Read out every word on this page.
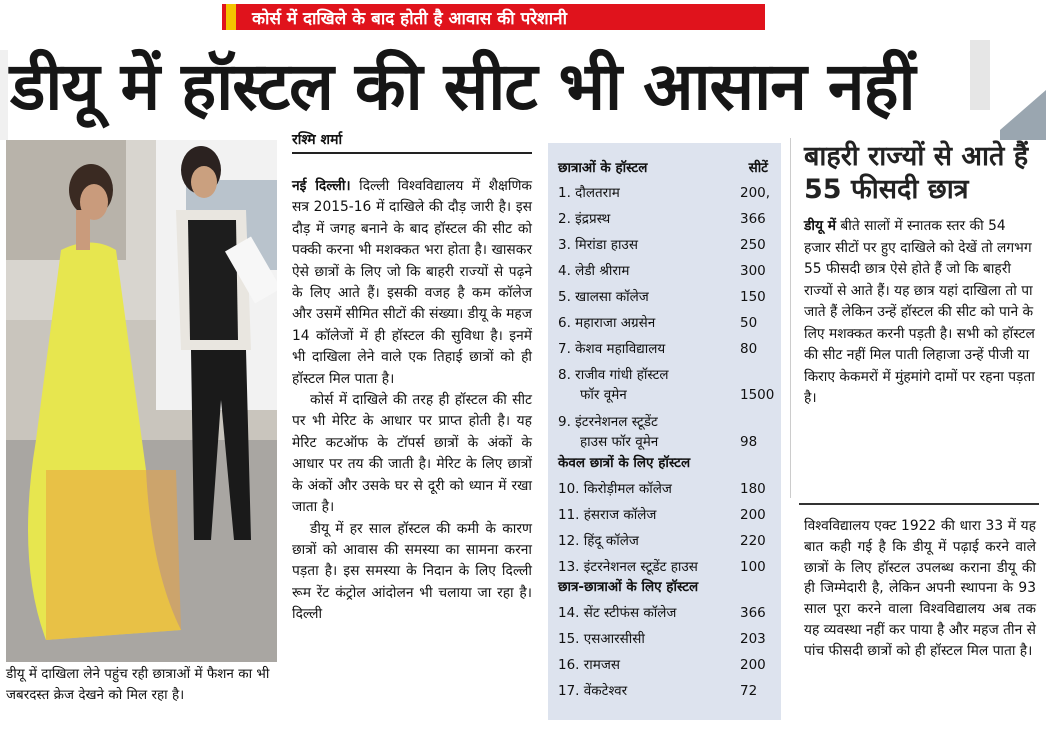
कोर्स में दाखिले के बाद होती है आवास की परेशानी
डीयू में हॉस्टल की सीट भी आसान नहीं
डीयू में दाखिला लेने पहुंच रही छात्राओं में फैशन का भी जबरदस्त क्रेज देखने को मिल रहा है।
रश्मि शर्मा

नई दिल्ली। दिल्ली विश्वविद्यालय में शैक्षणिक सत्र 2015-16 में दाखिले की दौड़ जारी है। इस दौड़ में जगह बनाने के बाद हॉस्टल की सीट को पक्की करना भी मशक्कत भरा होता है। खासकर ऐसे छात्रों के लिए जो कि बाहरी राज्यों से पढ़ने के लिए आते हैं। इसकी वजह है कम कॉलेज और उसमें सीमित सीटों की संख्या। डीयू के महज 14 कॉलेजों में ही हॉस्टल की सुविधा है। इनमें भी दाखिला लेने वाले एक तिहाई छात्रों को ही हॉस्टल मिल पाता है।

कोर्स में दाखिले की तरह ही हॉस्टल की सीट पर भी मेरिट के आधार पर प्राप्त होती है। यह मेरिट कटऑफ के टॉपर्स छात्रों के अंकों के आधार पर तय की जाती है। मेरिट के लिए छात्रों के अंकों और उसके घर से दूरी को ध्यान में रखा जाता है।

डीयू में हर साल हॉस्टल की कमी के कारण छात्रों को आवास की समस्या का सामना करना पड़ता है। इस समस्या के निदान के लिए दिल्ली रूम रेंट कंट्रोल आंदोलन भी चलाया जा रहा है। दिल्ली

छात्राओं के हॉस्टल	सीटें
1. दौलतराम	200,
2. इंद्रप्रस्थ	366
3. मिरांडा हाउस	250
4. लेडी श्रीराम	300
5. खालसा कॉलेज	150
6. महाराजा अग्रसेन	50
7. केशव महाविद्यालय	80
8. राजीव गांधी हॉस्टल
फॉर वूमेन	1500
9. इंटरनेशनल स्टूडेंट
हाउस फॉर वूमेन	98
केवल छात्रों के लिए हॉस्टल
10. किरोड़ीमल कॉलेज	180
11. हंसराज कॉलेज	200
12. हिंदू कॉलेज	220
13. इंटरनेशनल स्टूडेंट हाउस	100
छात्र-छात्राओं के लिए हॉस्टल
14. सेंट स्टीफंस कॉलेज	366
15. एसआरसीसी	203
16. रामजस	200
17. वेंकटेश्वर	72
बाहरी राज्यों से आते हैं 55 फीसदी छात्र
डीयू में बीते सालों में स्नातक स्तर की 54 हजार सीटों पर हुए दाखिले को देखें तो लगभग 55 फीसदी छात्र ऐसे होते हैं जो कि बाहरी राज्यों से आते हैं। यह छात्र यहां दाखिला तो पा जाते हैं लेकिन उन्हें हॉस्टल की सीट को पाने के लिए मशक्कत करनी पड़ती है। सभी को हॉस्टल की सीट नहीं मिल पाती लिहाजा उन्हें पीजी या किराए केकमरों में मुंहमांगे दामों पर रहना पड़ता है।
विश्वविद्यालय एक्ट 1922 की धारा 33 में यह बात कही गई है कि डीयू में पढ़ाई करने वाले छात्रों के लिए हॉस्टल उपलब्ध कराना डीयू की ही जिम्मेदारी है, लेकिन अपनी स्थापना के 93 साल पूरा करने वाला विश्वविद्यालय अब तक यह व्यवस्था नहीं कर पाया है और महज तीन से पांच फीसदी छात्रों को ही हॉस्टल मिल पाता है।
